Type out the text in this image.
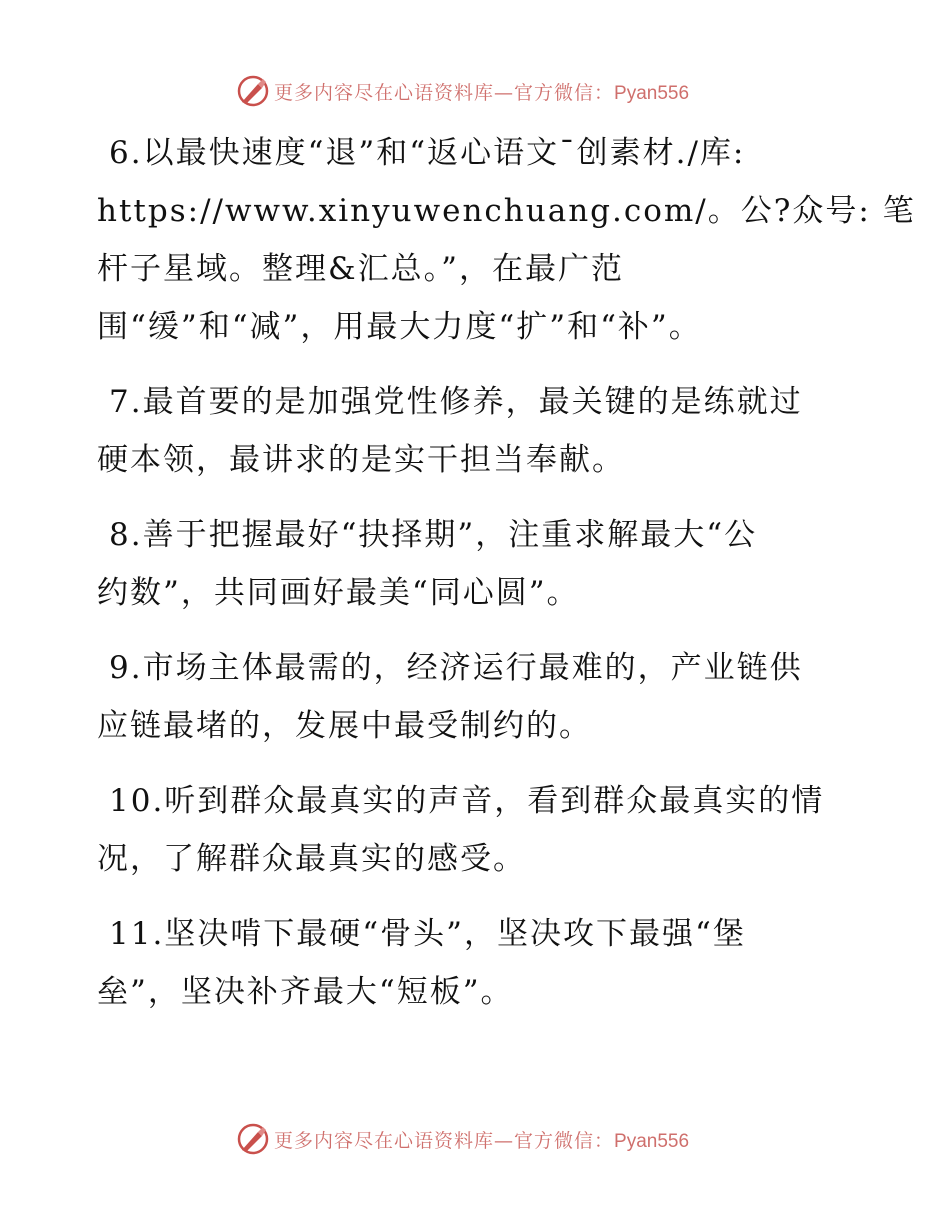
更多内容尽在心语资料库—官方微信：Pyan556
6.以最快速度“退”和“返心语文¯创素材./库:
https://www.xinyuwenchuang.com/。公?众号: 笔
杆子星域。整理&汇总。”，在最广范
围“缓”和“减”，用最大力度“扩”和“补”。
7.最首要的是加强党性修养，最关键的是练就过
硬本领，最讲求的是实干担当奉献。
8.善于把握最好“抉择期”，注重求解最大“公
约数”，共同画好最美“同心圆”。
9.市场主体最需的，经济运行最难的，产业链供
应链最堵的，发展中最受制约的。
10.听到群众最真实的声音，看到群众最真实的情
况，了解群众最真实的感受。
11.坚决啃下最硬“骨头”，坚决攻下最强“堡
垒”，坚决补齐最大“短板”。
更多内容尽在心语资料库—官方微信：Pyan556
